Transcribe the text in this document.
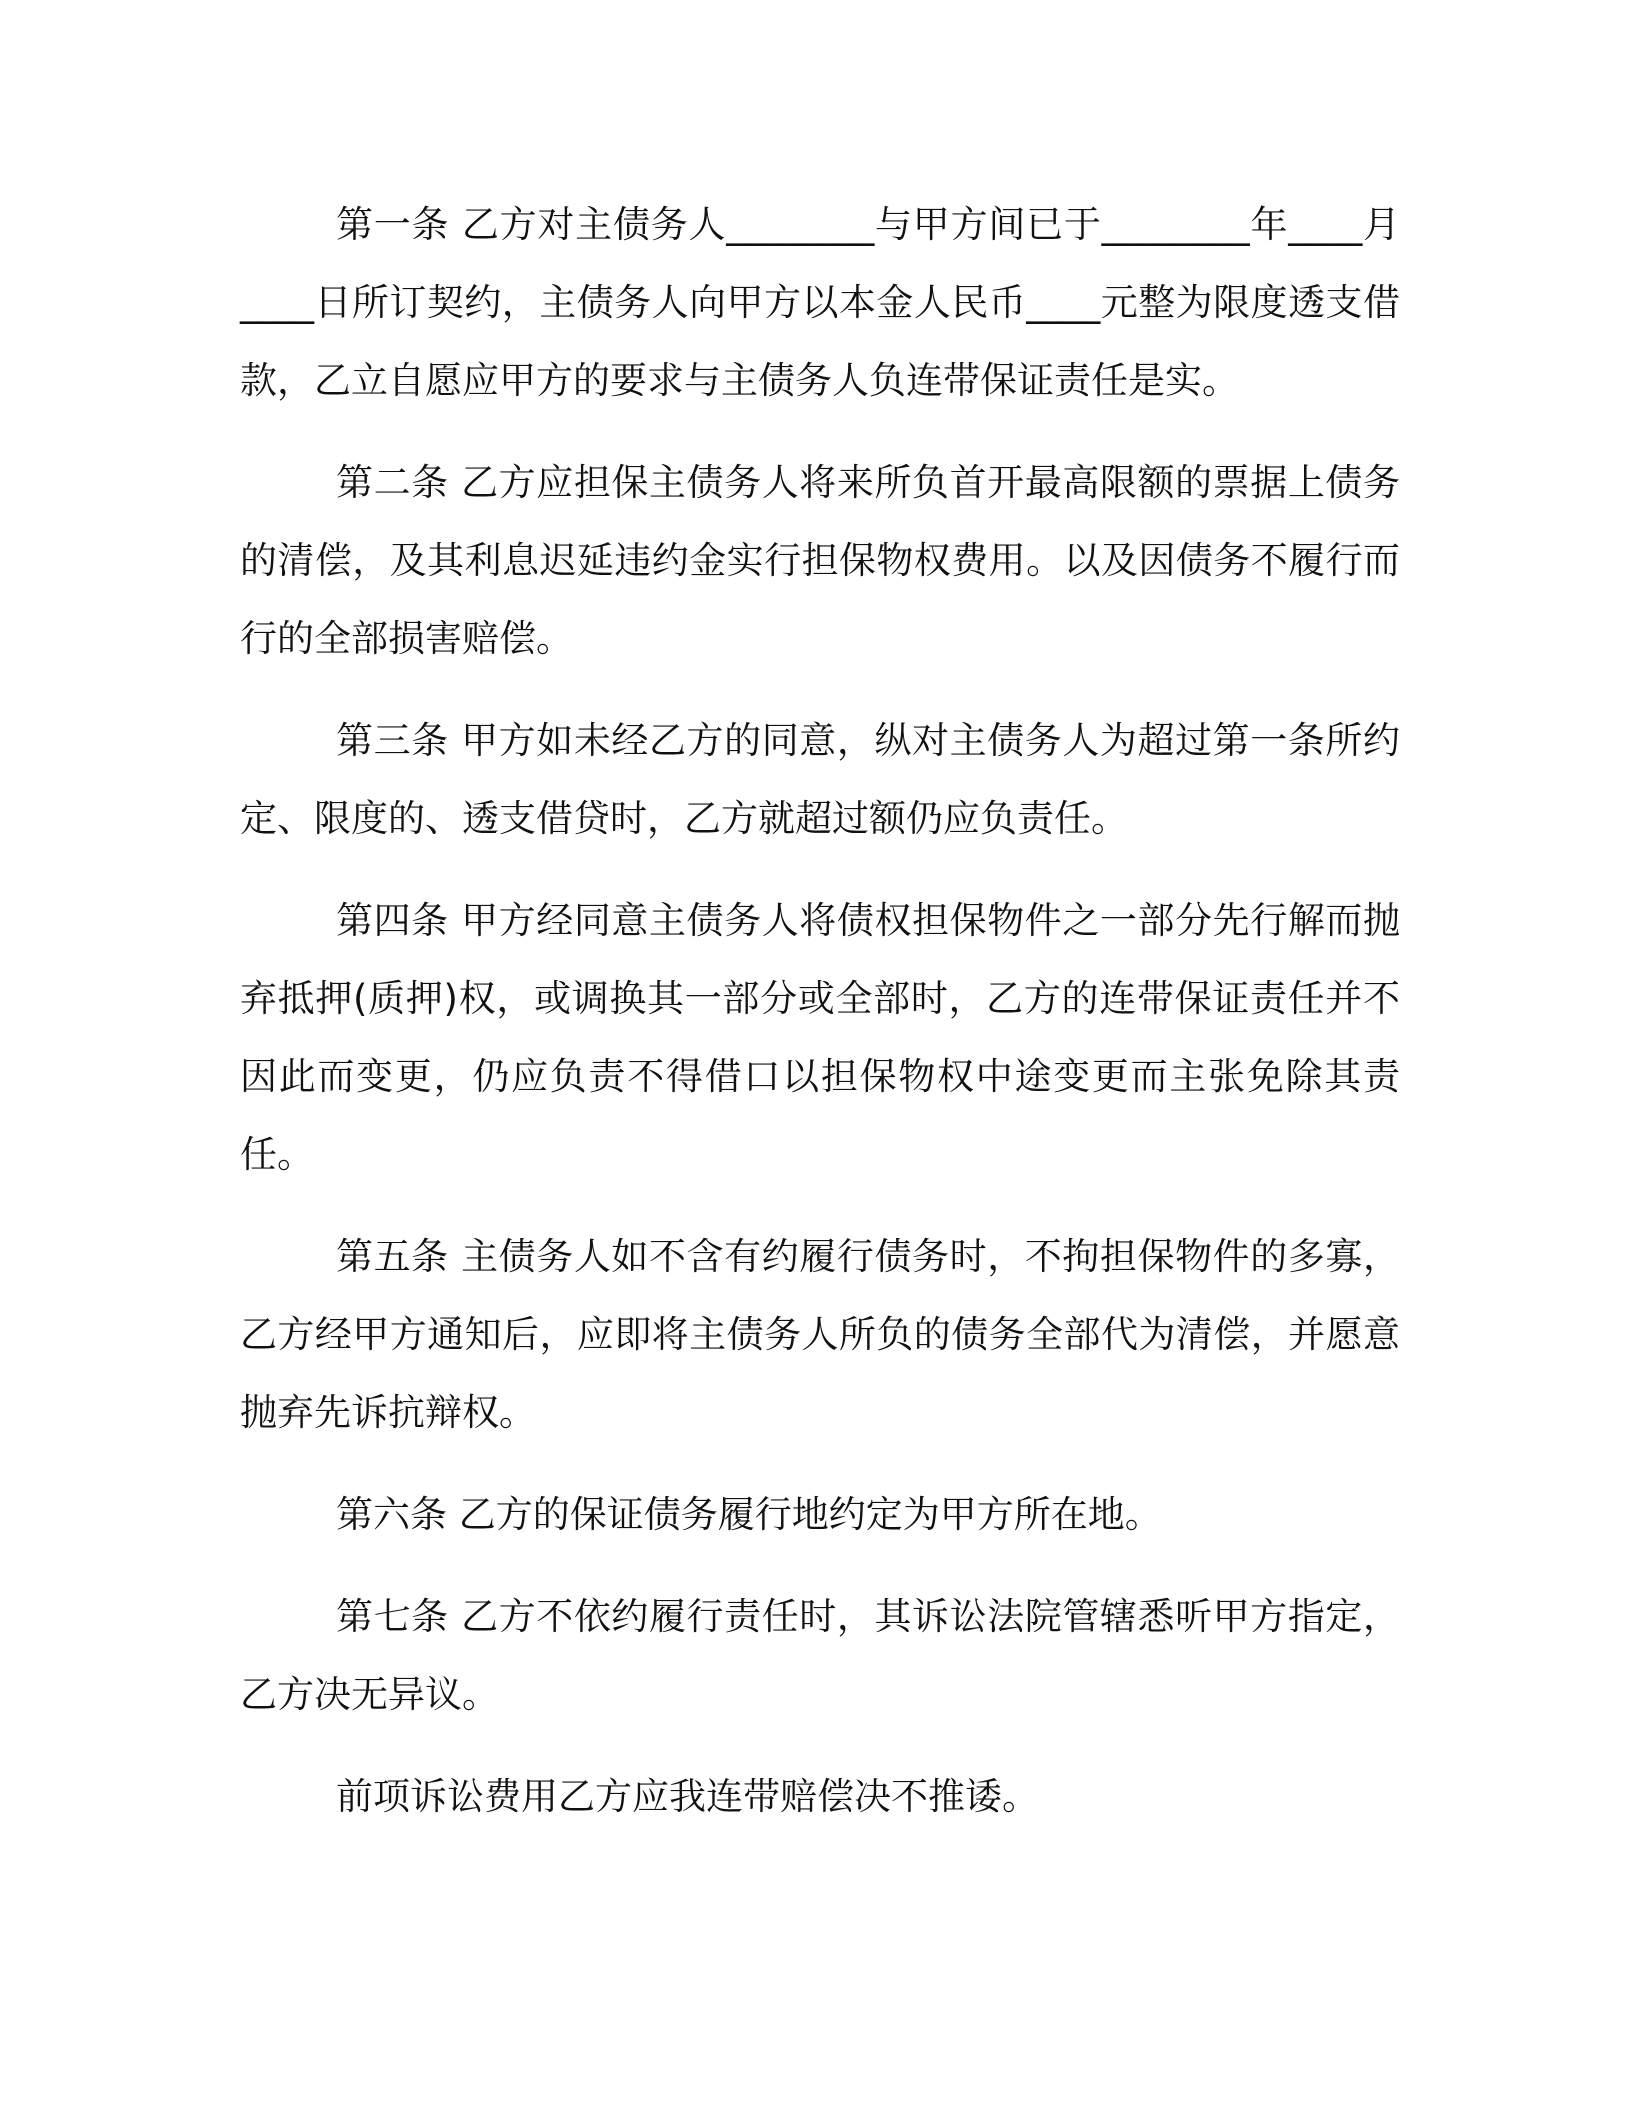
第一条 乙方对主债务人________与甲方间已于________年____月____日所订契约，主债务人向甲方以本金人民币____元整为限度透支借款，乙立自愿应甲方的要求与主债务人负连带保证责任是实。

第二条 乙方应担保主债务人将来所负首开最高限额的票据上债务的清偿，及其利息迟延违约金实行担保物权费用。以及因债务不履行而行的全部损害赔偿。

第三条 甲方如未经乙方的同意，纵对主债务人为超过第一条所约定、限度的、透支借贷时，乙方就超过额仍应负责任。

第四条 甲方经同意主债务人将债权担保物件之一部分先行解而抛弃抵押(质押)权，或调换其一部分或全部时，乙方的连带保证责任并不因此而变更，仍应负责不得借口以担保物权中途变更而主张免除其责任。

第五条 主债务人如不含有约履行债务时，不拘担保物件的多寡，乙方经甲方通知后，应即将主债务人所负的债务全部代为清偿，并愿意抛弃先诉抗辩权。

第六条 乙方的保证债务履行地约定为甲方所在地。

第七条 乙方不依约履行责任时，其诉讼法院管辖悉听甲方指定，乙方决无异议。

前项诉讼费用乙方应我连带赔偿决不推诿。
